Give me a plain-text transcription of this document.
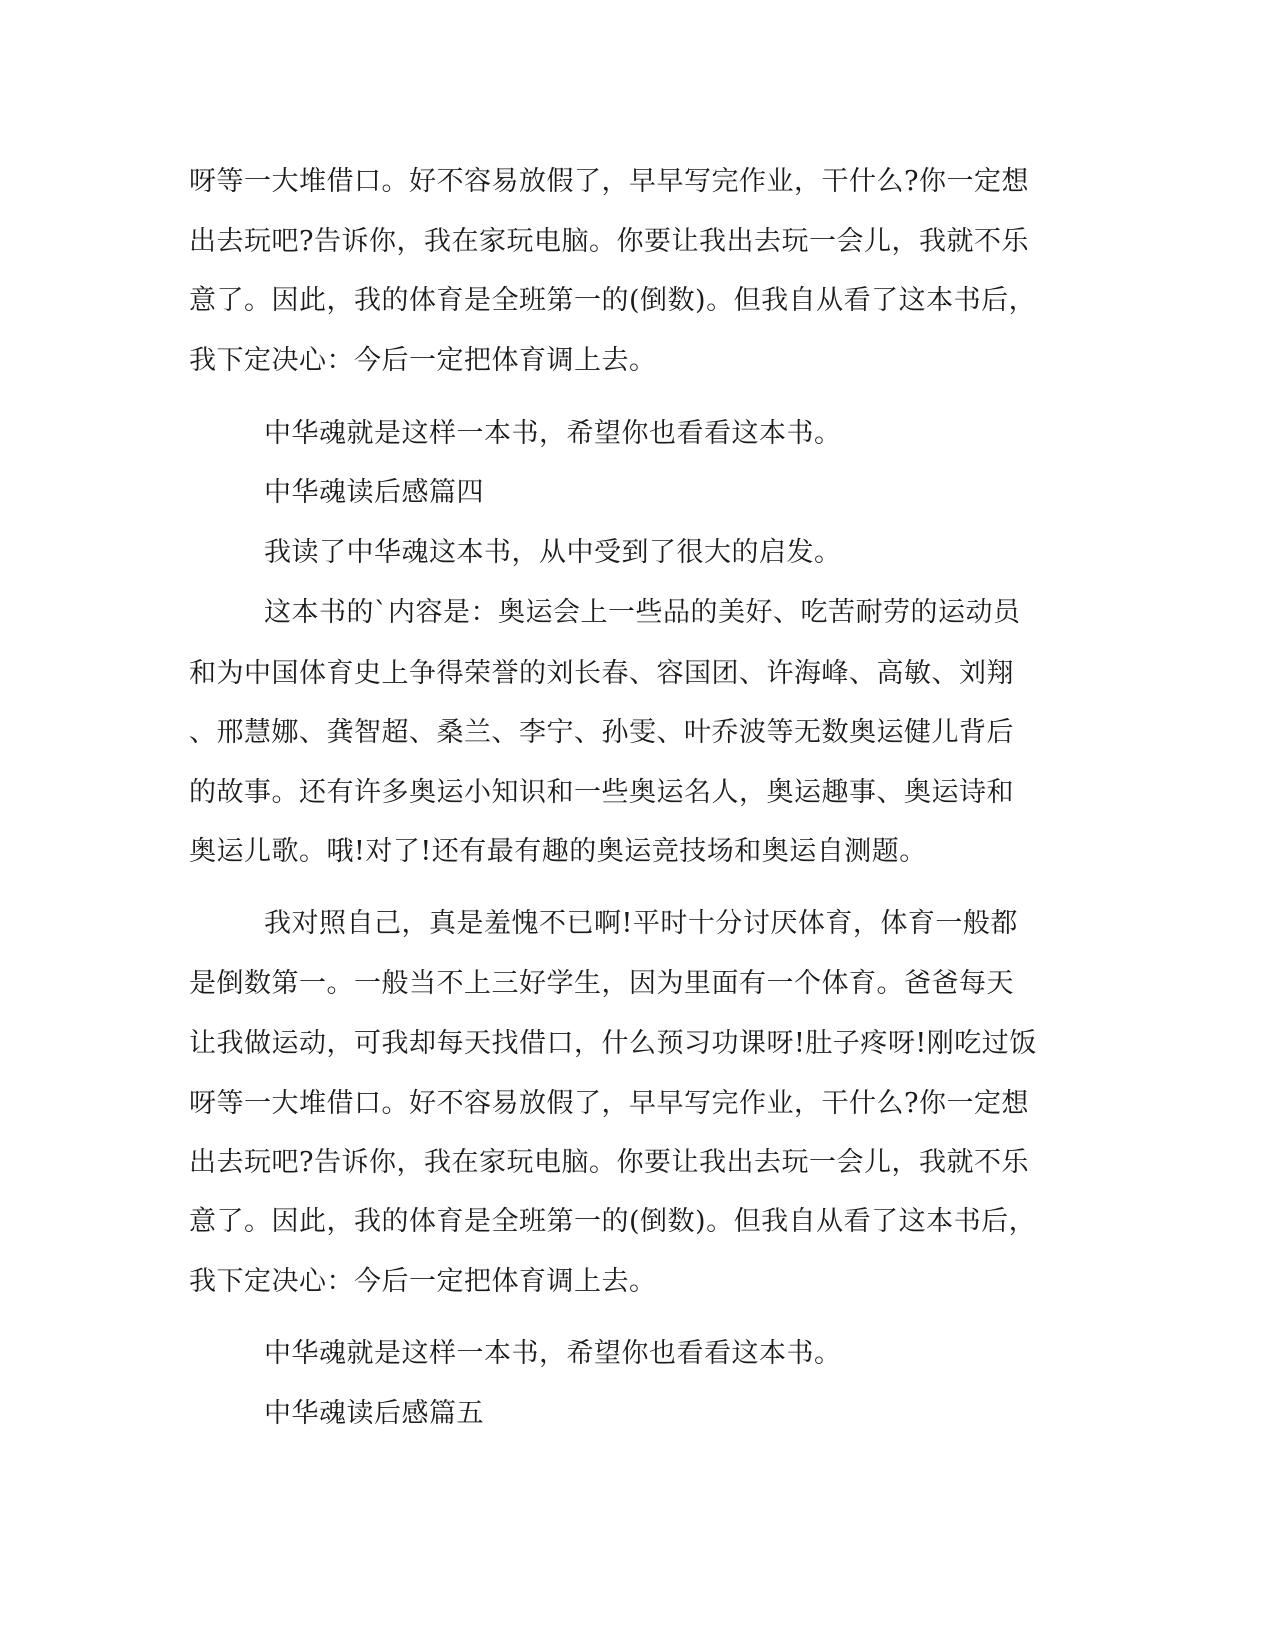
呀等一大堆借口。好不容易放假了，早早写完作业，干什么?你一定想
出去玩吧?告诉你，我在家玩电脑。你要让我出去玩一会儿，我就不乐
意了。因此，我的体育是全班第一的(倒数)。但我自从看了这本书后，
我下定决心：今后一定把体育调上去。
中华魂就是这样一本书，希望你也看看这本书。
中华魂读后感篇四
我读了中华魂这本书，从中受到了很大的启发。
这本书的`内容是：奥运会上一些品的美好、吃苦耐劳的运动员
和为中国体育史上争得荣誉的刘长春、容国团、许海峰、高敏、刘翔
、邢慧娜、龚智超、桑兰、李宁、孙雯、叶乔波等无数奥运健儿背后
的故事。还有许多奥运小知识和一些奥运名人，奥运趣事、奥运诗和
奥运儿歌。哦!对了!还有最有趣的奥运竞技场和奥运自测题。
我对照自己，真是羞愧不已啊!平时十分讨厌体育，体育一般都
是倒数第一。一般当不上三好学生，因为里面有一个体育。爸爸每天
让我做运动，可我却每天找借口，什么预习功课呀!肚子疼呀!刚吃过饭
呀等一大堆借口。好不容易放假了，早早写完作业，干什么?你一定想
出去玩吧?告诉你，我在家玩电脑。你要让我出去玩一会儿，我就不乐
意了。因此，我的体育是全班第一的(倒数)。但我自从看了这本书后，
我下定决心：今后一定把体育调上去。
中华魂就是这样一本书，希望你也看看这本书。
中华魂读后感篇五
